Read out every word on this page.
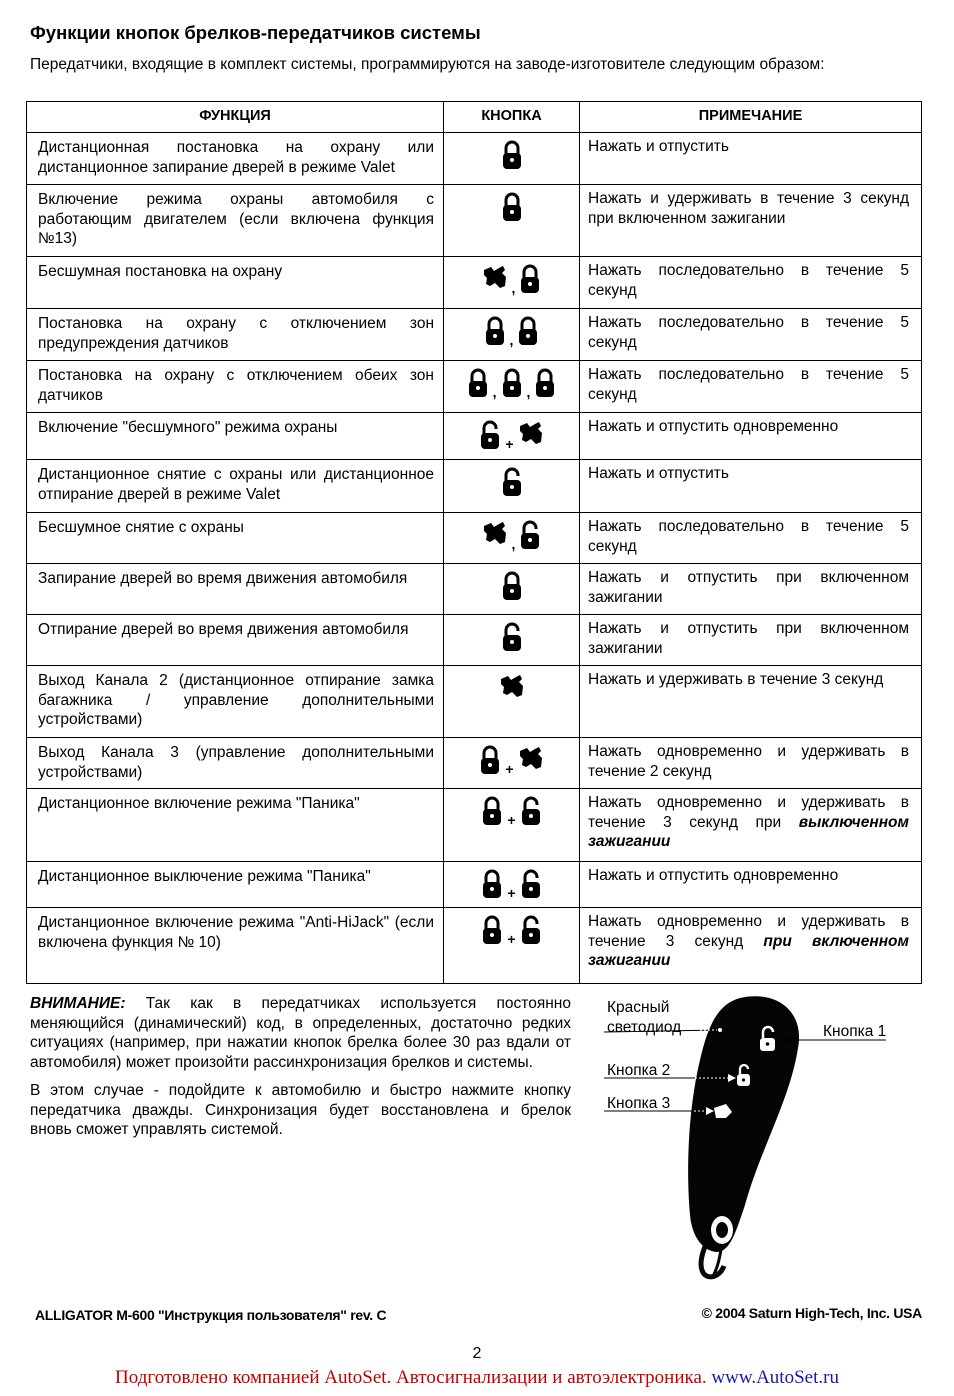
Функции кнопок брелков-передатчиков системы
Передатчики, входящие в комплект системы, программируются на заводе-изготовителе следующим образом:
ФУНКЦИЯ	КНОПКА	ПРИМЕЧАНИЕ
Дистанционная постановка на охрану или дистанционное запирание дверей в режиме Valet		Нажать и отпустить
Включение режима охраны автомобиля с работающим двигателем (если включена функция №13)		Нажать и удерживать в течение 3 секунд при включенном зажигании
Бесшумная постановка на охрану	,	Нажать последовательно в течение 5 секунд
Постановка на охрану с отключением зон предупреждения датчиков	,	Нажать последовательно в течение 5 секунд
Постановка на охрану с отключением обеих зон датчиков	, ,	Нажать последовательно в течение 5 секунд
Включение "бесшумного" режима охраны	+	Нажать и отпустить одновременно
Дистанционное снятие с охраны или дистанционное отпирание дверей в режиме Valet		Нажать и отпустить
Бесшумное снятие с охраны	,	Нажать последовательно в течение 5 секунд
Запирание дверей во время движения автомобиля		Нажать и отпустить при включенном зажигании
Отпирание дверей во время движения автомобиля		Нажать и отпустить при включенном зажигании
Выход Канала 2 (дистанционное отпирание замка багажника / управление дополнительными устройствами)		Нажать и удерживать в течение 3 секунд
Выход Канала 3 (управление дополнительными устройствами)	+	Нажать одновременно и удерживать в течение 2 секунд
Дистанционное включение режима "Паника"	+	Нажать одновременно и удерживать в течение 3 секунд при выключенном зажигании
Дистанционное выключение режима "Паника"	+	Нажать и отпустить одновременно
Дистанционное включение режима "Anti-HiJack" (если включена функция № 10)	+	Нажать одновременно и удерживать в течение 3 секунд при включенном зажигании

ВНИМАНИЕ: Так как в передатчиках используется постоянно меняющийся (динамический) код, в определенных, достаточно редких ситуациях (например, при нажатии кнопок брелка более 30 раз вдали от автомобиля) может произойти рассинхронизация брелков и системы.

В этом случае - подойдите к автомобилю и быстро нажмите кнопку передатчика дважды. Синхронизация будет восстановлена и брелок вновь сможет управлять системой.

Красный
светодиод	Кнопка 1
Кнопка 2
Кнопка 3
ALLIGATOR M-600 "Инструкция пользователя" rev. C	© 2004 Saturn High-Tech, Inc. USA
2
Подготовлено компанией AutoSet. Автосигнализации и автоэлектроника. www.AutoSet.ru
